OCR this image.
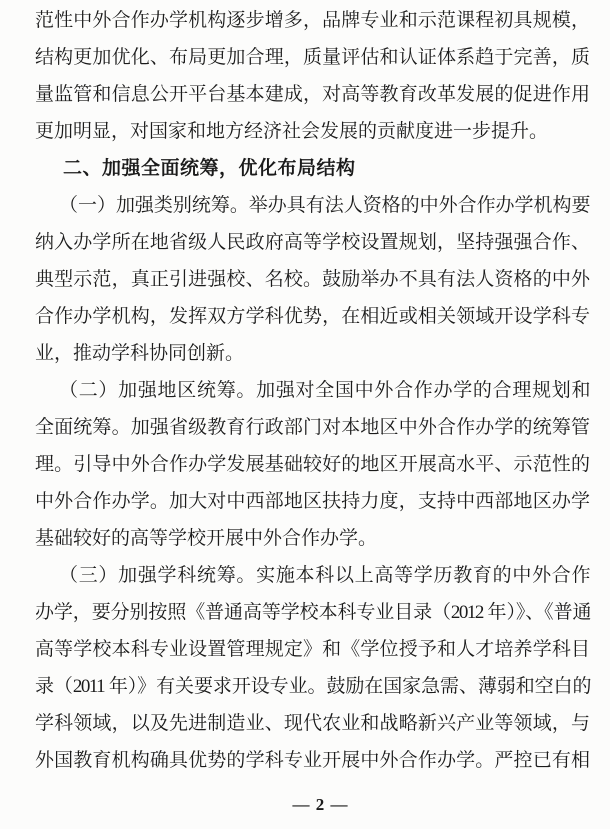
范性中外合作办学机构逐步增多，品牌专业和示范课程初具规模，
结构更加优化、布局更加合理，质量评估和认证体系趋于完善，质
量监管和信息公开平台基本建成，对高等教育改革发展的促进作用
更加明显，对国家和地方经济社会发展的贡献度进一步提升。
二、加强全面统筹，优化布局结构
（一）加强类别统筹。举办具有法人资格的中外合作办学机构要
纳入办学所在地省级人民政府高等学校设置规划，坚持强强合作、
典型示范，真正引进强校、名校。鼓励举办不具有法人资格的中外
合作办学机构，发挥双方学科优势，在相近或相关领域开设学科专
业，推动学科协同创新。
（二）加强地区统筹。加强对全国中外合作办学的合理规划和
全面统筹。加强省级教育行政部门对本地区中外合作办学的统筹管
理。引导中外合作办学发展基础较好的地区开展高水平、示范性的
中外合作办学。加大对中西部地区扶持力度，支持中西部地区办学
基础较好的高等学校开展中外合作办学。
（三）加强学科统筹。实施本科以上高等学历教育的中外合作
办学，要分别按照《普通高等学校本科专业目录（2012 年）》、《普通
高等学校本科专业设置管理规定》和《学位授予和人才培养学科目
录（2011 年）》有关要求开设专业。鼓励在国家急需、薄弱和空白的
学科领域，以及先进制造业、现代农业和战略新兴产业等领域，与
外国教育机构确具优势的学科专业开展中外合作办学。严控已有相
— 2 —
